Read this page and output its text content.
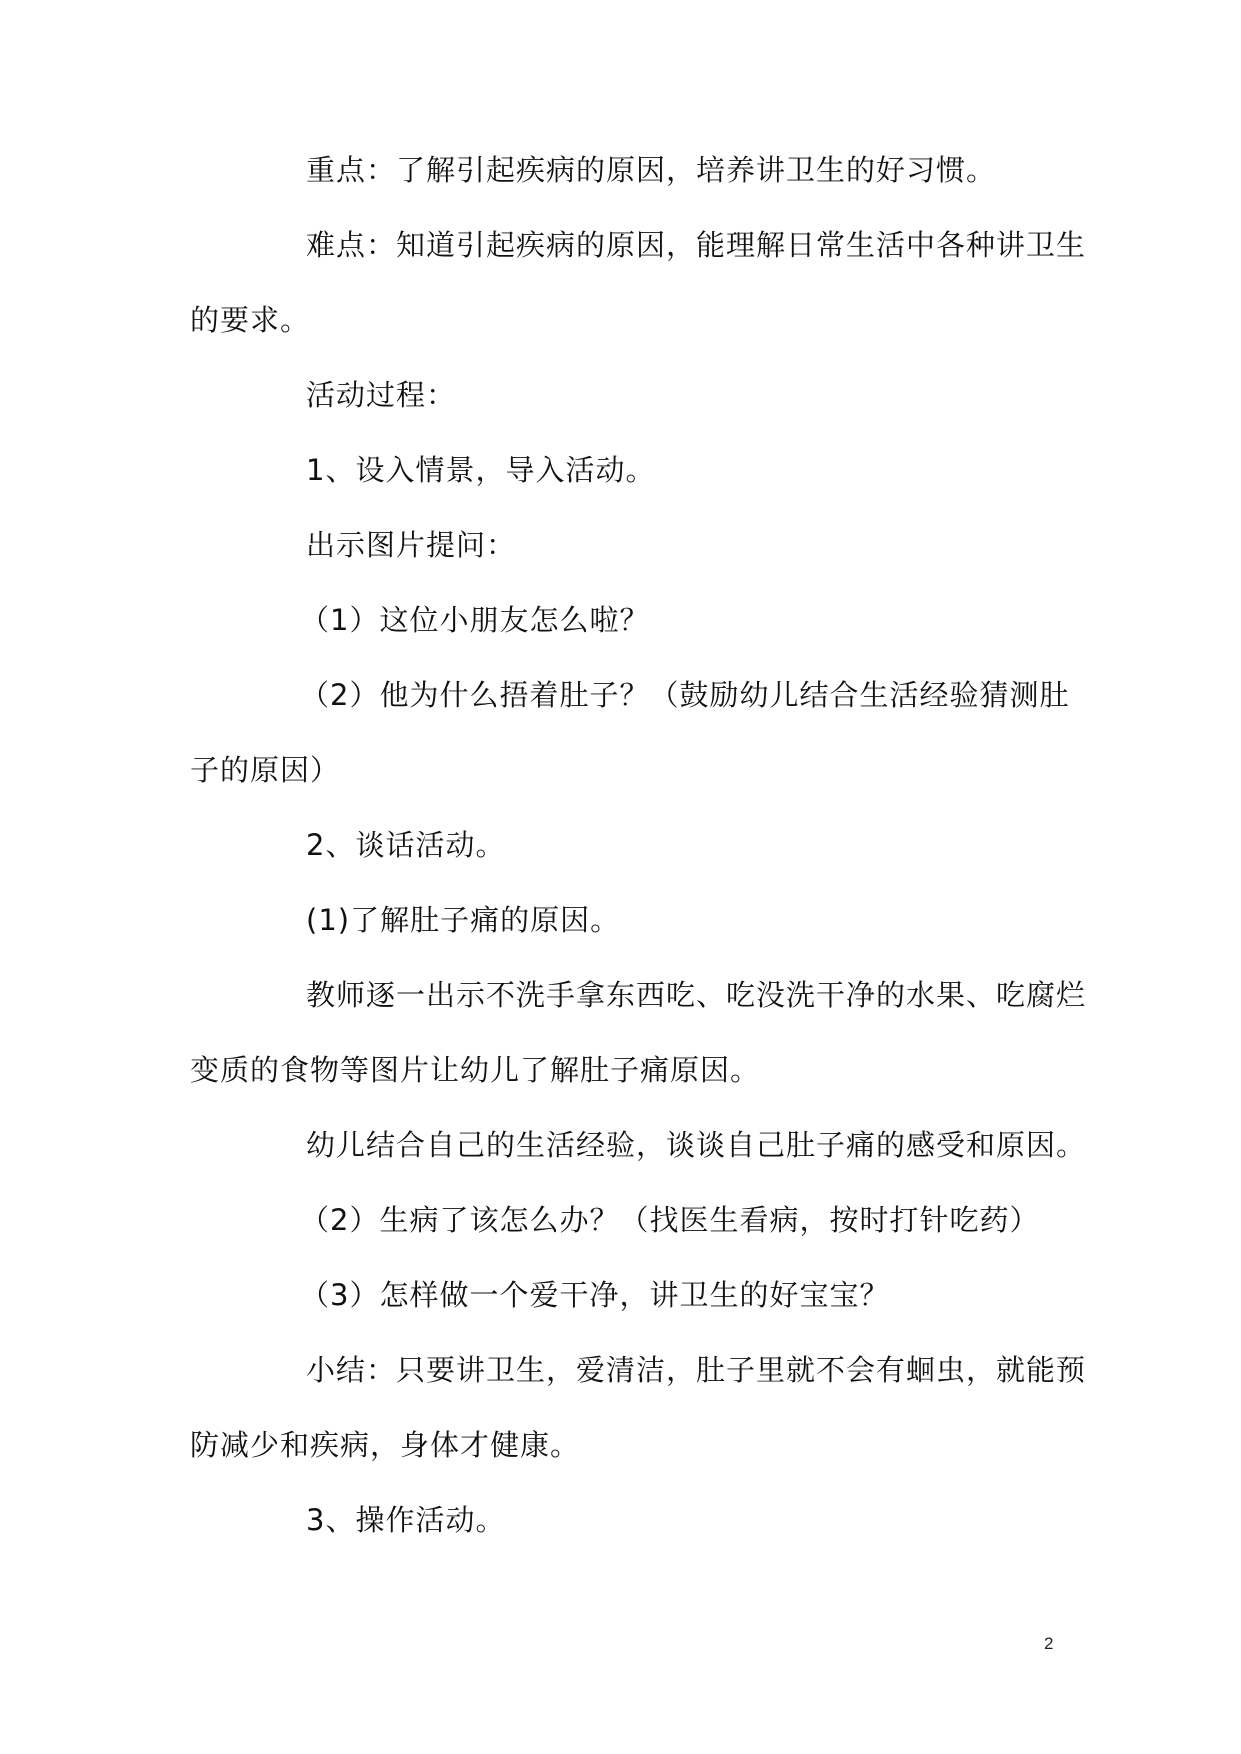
重点：了解引起疾病的原因，培养讲卫生的好习惯。
难点：知道引起疾病的原因，能理解日常生活中各种讲卫生
的要求。
活动过程：
1、设入情景，导入活动。
出示图片提问：
（1）这位小朋友怎么啦？
（2）他为什么捂着肚子？（鼓励幼儿结合生活经验猜测肚
子的原因）
2、谈话活动。
(1)了解肚子痛的原因。
教师逐一出示不洗手拿东西吃、吃没洗干净的水果、吃腐烂
变质的食物等图片让幼儿了解肚子痛原因。
幼儿结合自己的生活经验，谈谈自己肚子痛的感受和原因。
（2）生病了该怎么办？（找医生看病，按时打针吃药）
（3）怎样做一个爱干净，讲卫生的好宝宝？
小结：只要讲卫生，爱清洁，肚子里就不会有蛔虫，就能预
防减少和疾病，身体才健康。
3、操作活动。
2
